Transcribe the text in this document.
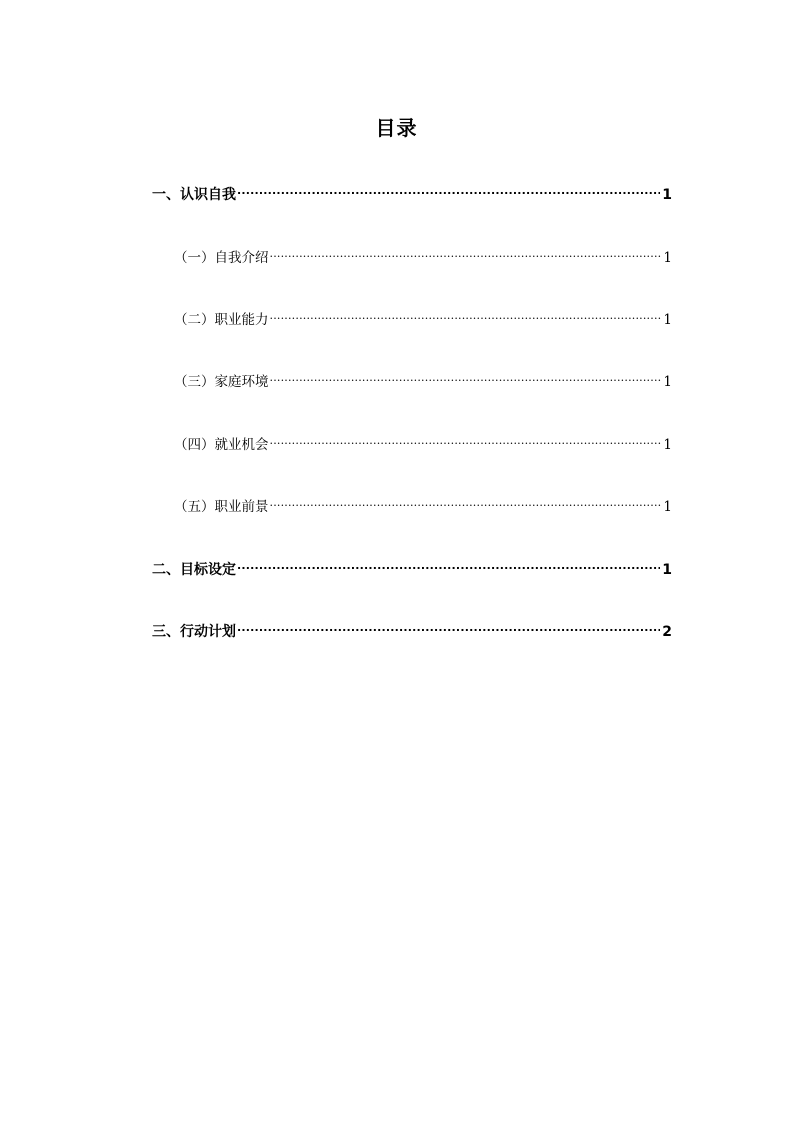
目录
一、认识自我 .....	1
（一）自我介绍 .....	1
（二）职业能力 .....	1
（三）家庭环境 .....	1
（四）就业机会 .....	1
（五）职业前景 .....	1
二、目标设定 .....	1
三、行动计划 .....	2
